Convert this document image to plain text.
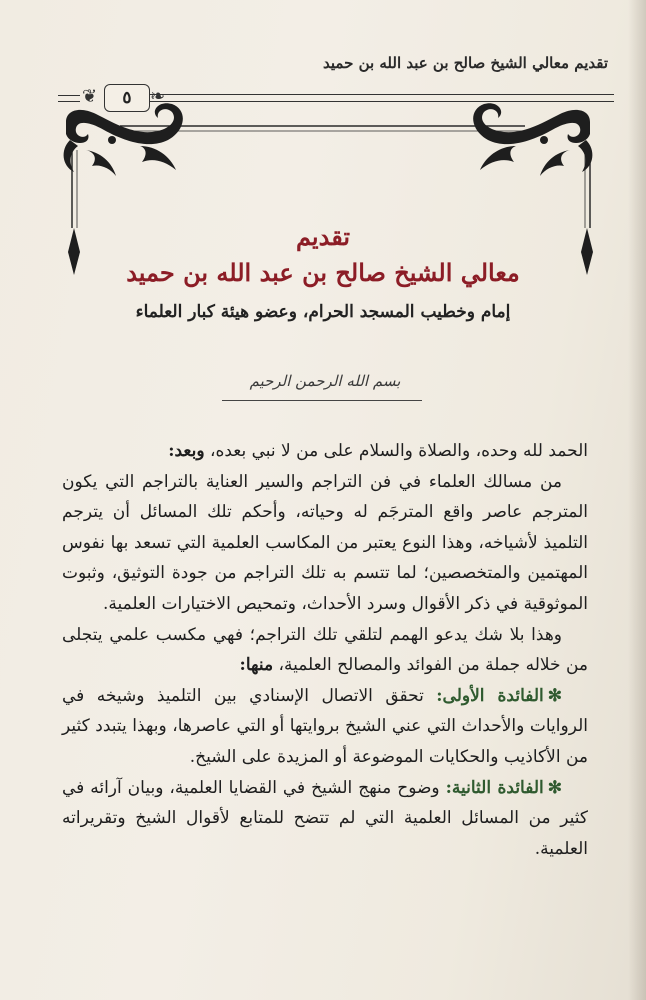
تقديم معالي الشيخ صالح بن عبد الله بن حميد
❦	٥	❧
تقديم
معالي الشيخ صالح بن عبد الله بن حميد
إمام وخطيب المسجد الحرام، وعضو هيئة كبار العلماء
بسم الله الرحمن الرحيم

الحمد لله وحده، والصلاة والسلام على من لا نبي بعده، وبعد:

من مسالك العلماء في فن التراجم والسير العناية بالتراجم التي يكون المترجم عاصر واقع المترجَم له وحياته، وأحكم تلك المسائل أن يترجم التلميذ لأشياخه، وهذا النوع يعتبر من المكاسب العلمية التي تسعد بها نفوس المهتمين والمتخصصين؛ لما تتسم به تلك التراجم من جودة التوثيق، وثبوت الموثوقية في ذكر الأقوال وسرد الأحداث، وتمحيص الاختيارات العلمية.

وهذا بلا شك يدعو الهمم لتلقي تلك التراجم؛ فهي مكسب علمي يتجلى من خلاله جملة من الفوائد والمصالح العلمية، منها:

✻الفائدة الأولى: تحقق الاتصال الإسنادي بين التلميذ وشيخه في الروايات والأحداث التي عني الشيخ بروايتها أو التي عاصرها، وبهذا يتبدد كثير من الأكاذيب والحكايات الموضوعة أو المزيدة على الشيخ.

✻الفائدة الثانية: وضوح منهج الشيخ في القضايا العلمية، وبيان آرائه في كثير من المسائل العلمية التي لم تتضح للمتابع لأقوال الشيخ وتقريراته العلمية.
